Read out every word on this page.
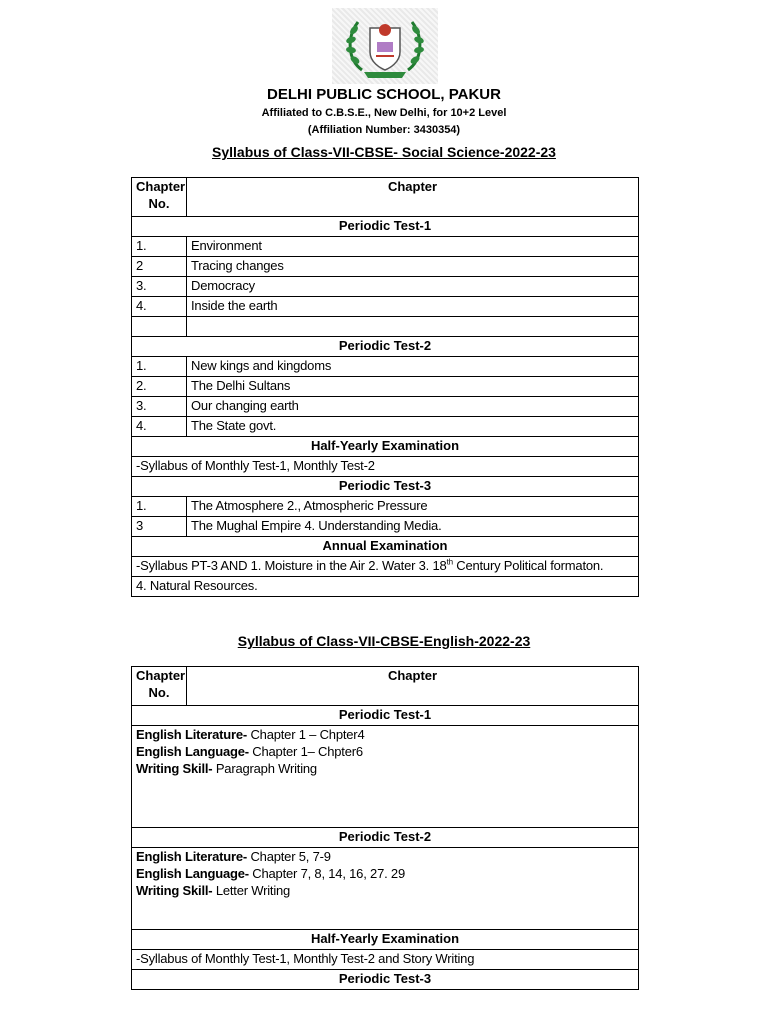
DELHI PUBLIC SCHOOL, PAKUR
Affiliated to C.B.S.E., New Delhi, for 10+2 Level
(Affiliation Number: 3430354)
Syllabus of Class-VII-CBSE- Social Science-2022-23
Chapter No.	Chapter
Periodic Test-1	
1.	Environment
2	Tracing changes
3.	Democracy
4.	Inside the earth

Periodic Test-2	
1.	New kings and kingdoms
2.	The Delhi Sultans
3.	Our changing earth
4.	The State govt.
Half-Yearly Examination	
-Syllabus of Monthly Test-1, Monthly Test-2	
Periodic Test-3	
1.	The Atmosphere 2., Atmospheric Pressure
3	The Mughal Empire 4. Understanding Media.
Annual Examination	
-Syllabus PT-3 AND 1. Moisture in the Air 2. Water 3. 18th Century Political formaton.	
4. Natural Resources.	
Syllabus of Class-VII-CBSE-English-2022-23
Chapter No.	Chapter
Periodic Test-1

English Literature- Chapter 1 – Chpter4
English Language- Chapter 1– Chpter6
Writing Skill- Paragraph Writing

Periodic Test-2

English Literature- Chapter 5, 7-9
English Language- Chapter 7, 8, 14, 16, 27. 29
Writing Skill- Letter Writing

Half-Yearly Examination
-Syllabus of Monthly Test-1, Monthly Test-2 and Story Writing
Periodic Test-3
